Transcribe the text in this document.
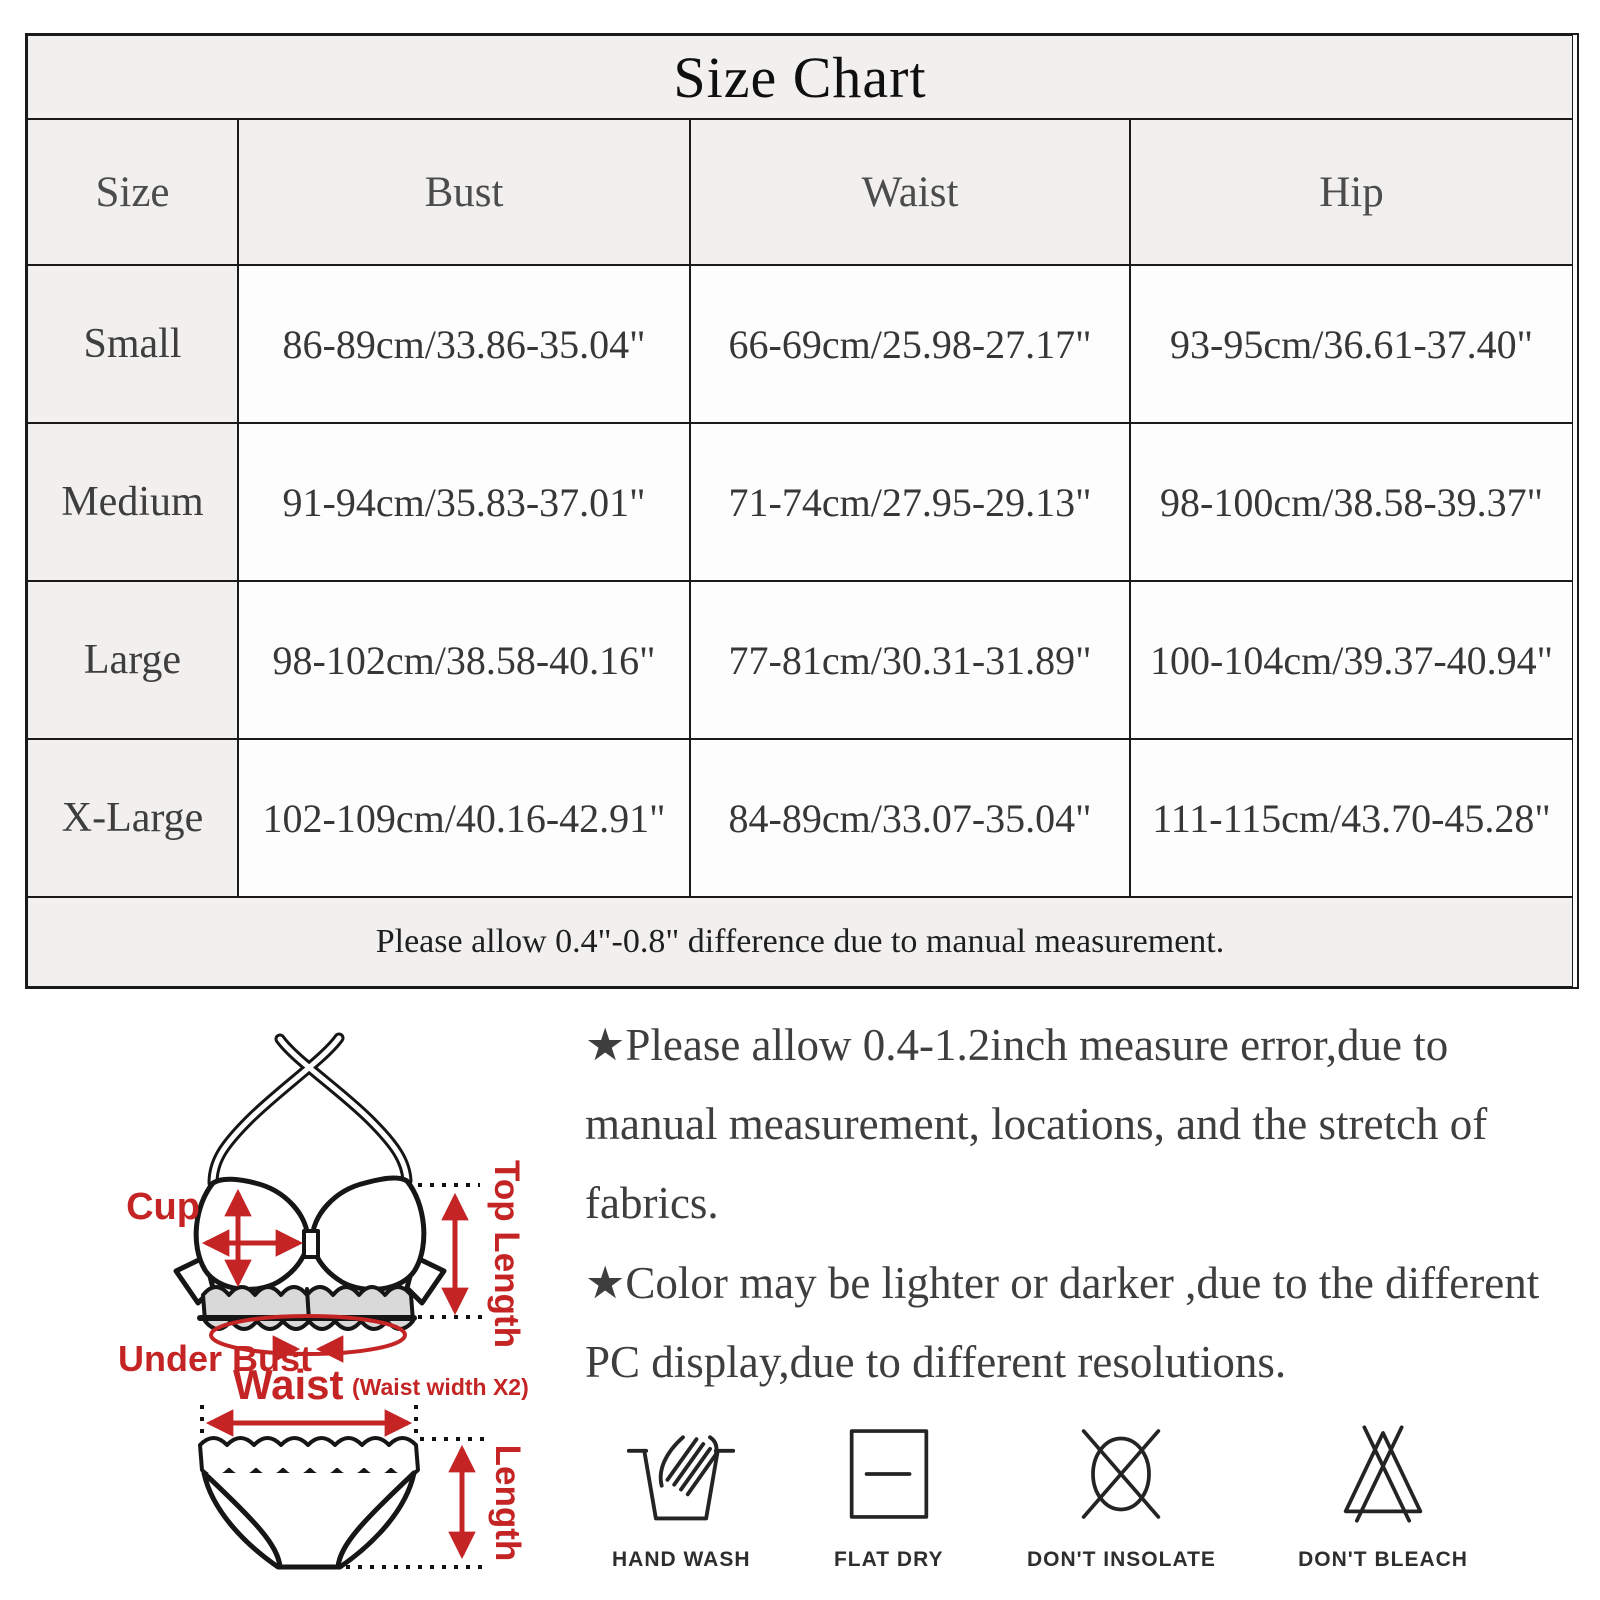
Size Chart
Size	Bust	Waist	Hip
Small	86-89cm/33.86-35.04"	66-69cm/25.98-27.17"	93-95cm/36.61-37.40"
Medium	91-94cm/35.83-37.01"	71-74cm/27.95-29.13"	98-100cm/38.58-39.37"
Large	98-102cm/38.58-40.16"	77-81cm/30.31-31.89"	100-104cm/39.37-40.94"
X-Large	102-109cm/40.16-42.91"	84-89cm/33.07-35.04"	111-115cm/43.70-45.28"
Please allow 0.4"-0.8" difference due to manual measurement.
Cup	Top Length
Under Bust
Waist (Waist width X2)
Length

★Please allow 0.4-1.2inch measure error,due to manual measurement, locations, and the stretch of fabrics.

★Color may be lighter or darker ,due to the different PC display,due to different resolutions.

HAND WASH	FLAT DRY	DON'T INSOLATE	DON'T BLEACH
